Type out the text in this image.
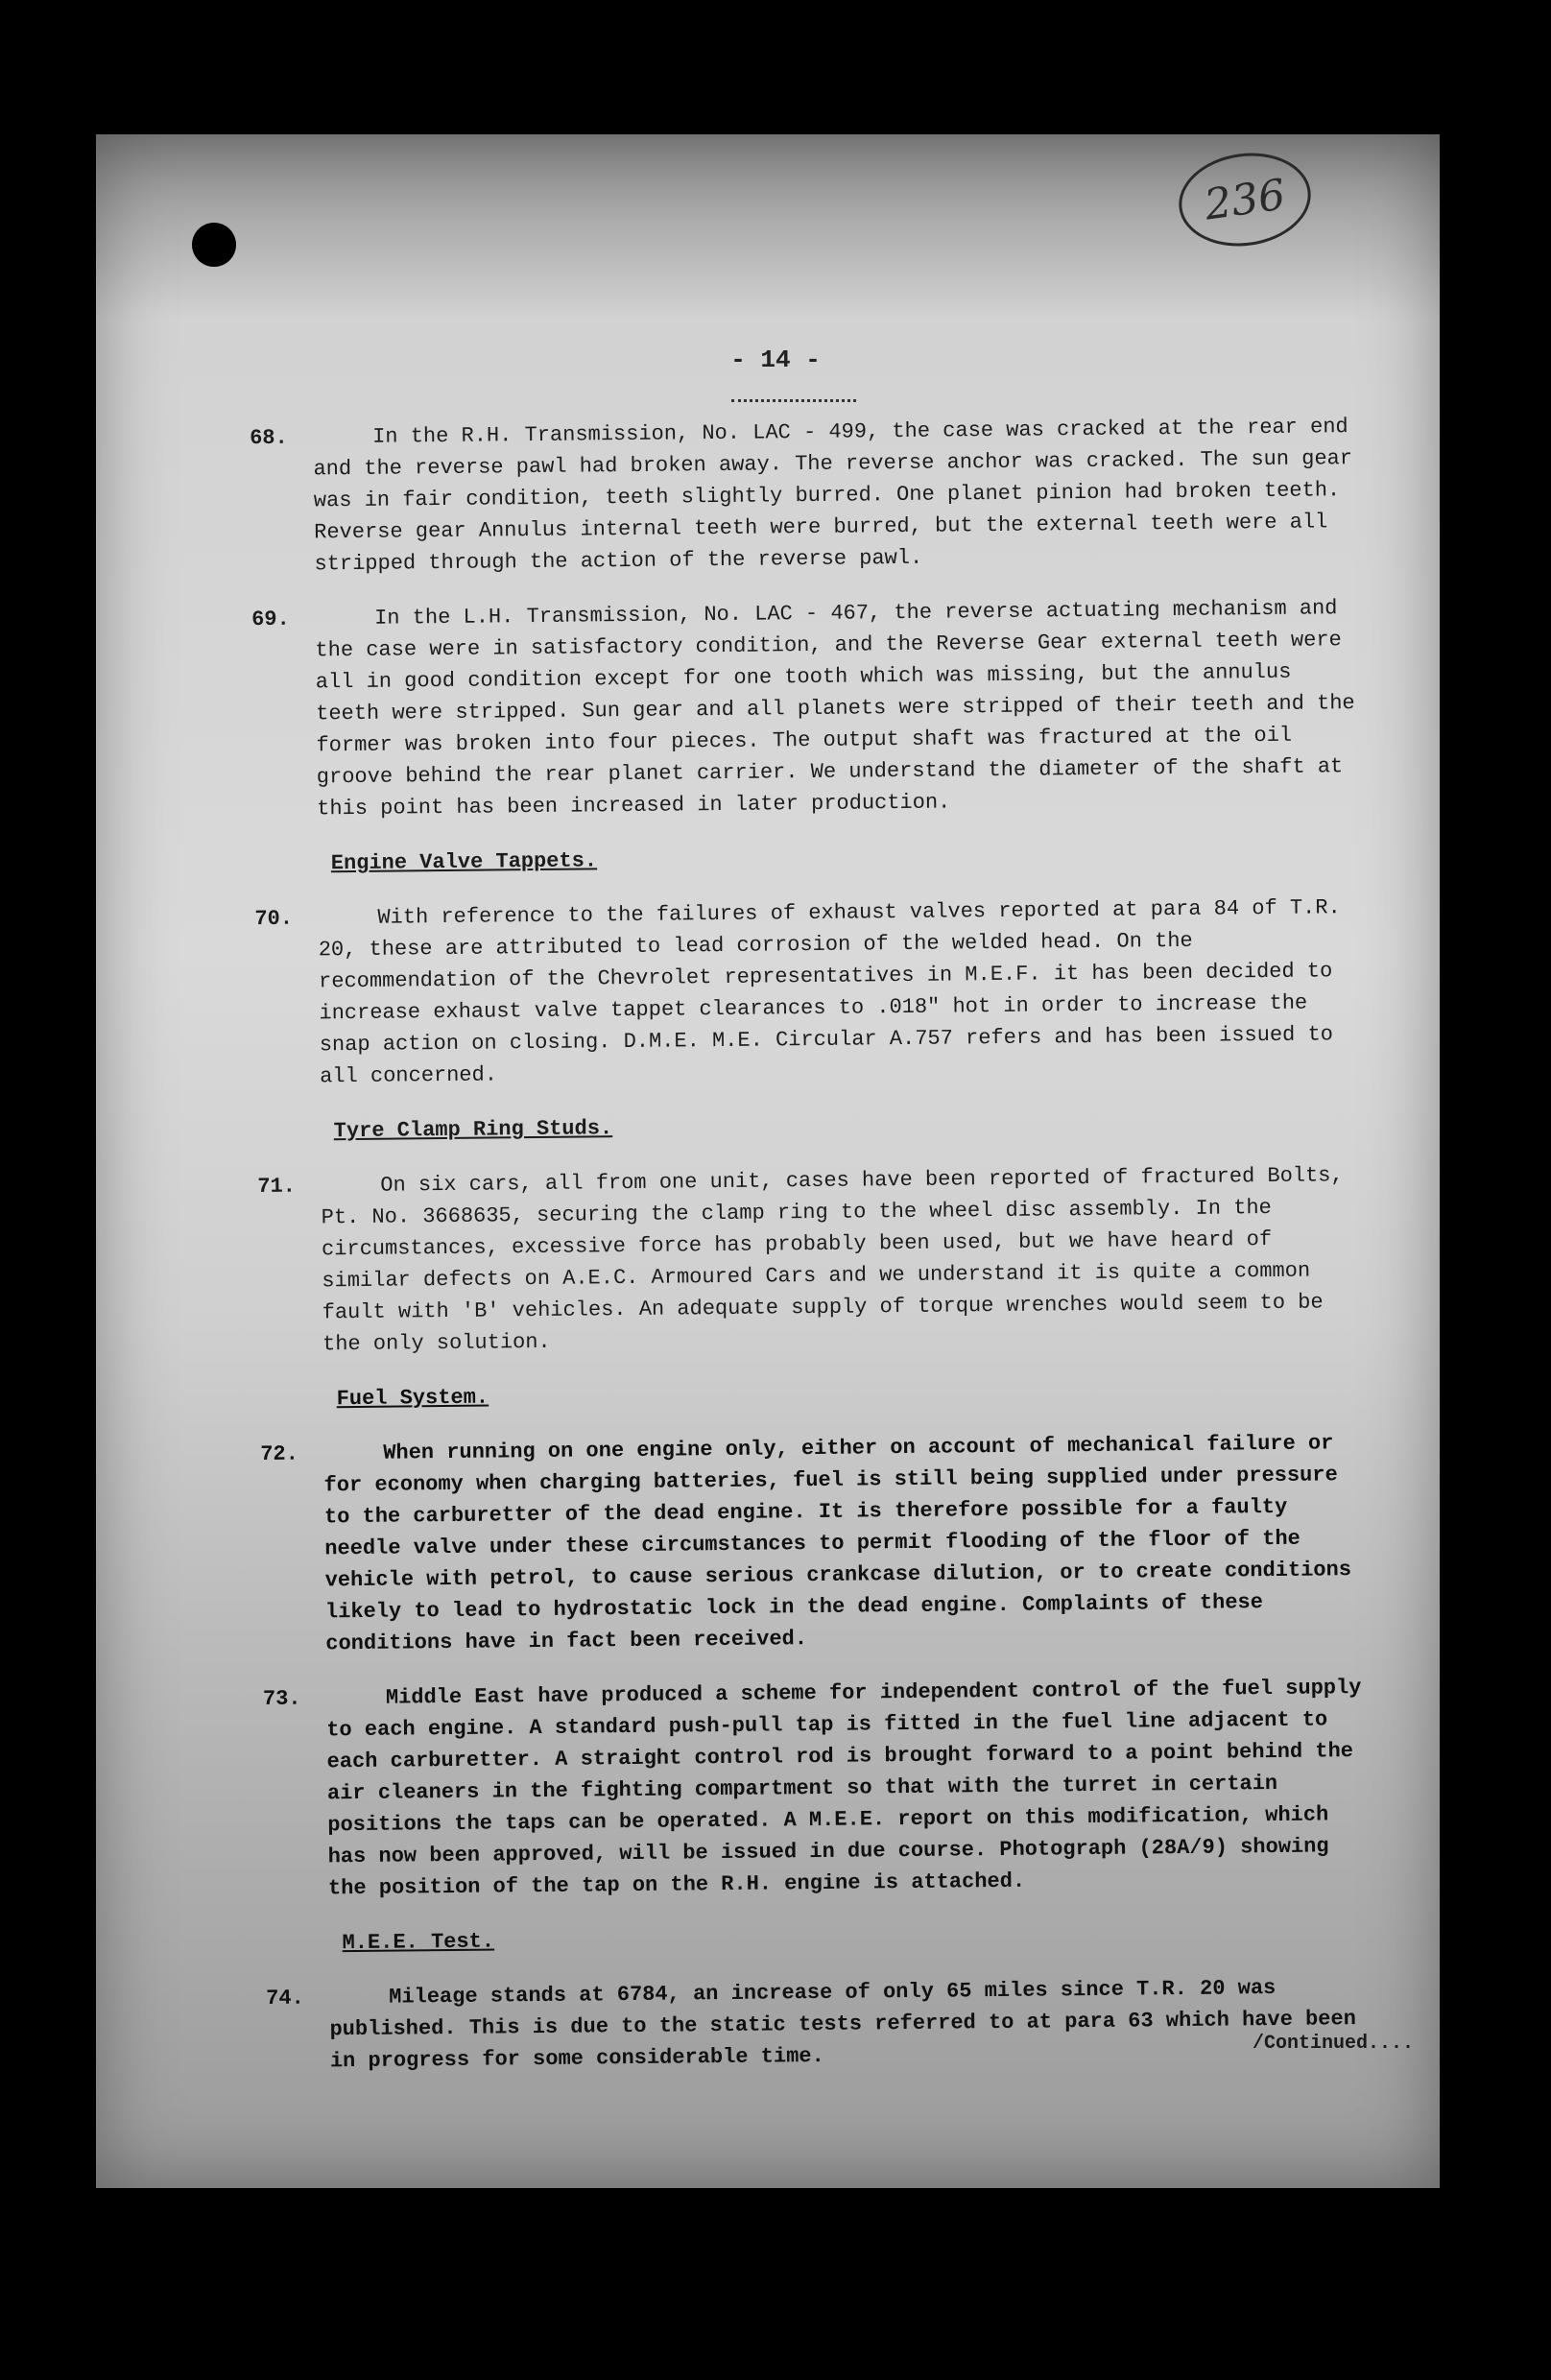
236
- 14 -

68.	In the R.H. Transmission, No. LAC - 499, the case was cracked at the rear end and the reverse pawl had broken away. The reverse anchor was cracked. The sun gear was in fair condition, teeth slightly burred. One planet pinion had broken teeth. Reverse gear Annulus internal teeth were burred, but the external teeth were all stripped through the action of the reverse pawl.

69.	In the L.H. Transmission, No. LAC - 467, the reverse actuating mechanism and the case were in satisfactory condition, and the Reverse Gear external teeth were all in good condition except for one tooth which was missing, but the annulus teeth were stripped. Sun gear and all planets were stripped of their teeth and the former was broken into four pieces. The output shaft was fractured at the oil groove behind the rear planet carrier. We understand the diameter of the shaft at this point has been increased in later production.

Engine Valve Tappets.

70.	With reference to the failures of exhaust valves reported at para 84 of T.R. 20, these are attributed to lead corrosion of the welded head. On the recommendation of the Chevrolet representatives in M.E.F. it has been decided to increase exhaust valve tappet clearances to .018" hot in order to increase the snap action on closing. D.M.E. M.E. Circular A.757 refers and has been issued to all concerned.

Tyre Clamp Ring Studs.

71.	On six cars, all from one unit, cases have been reported of fractured Bolts, Pt. No. 3668635, securing the clamp ring to the wheel disc assembly. In the circumstances, excessive force has probably been used, but we have heard of similar defects on A.E.C. Armoured Cars and we understand it is quite a common fault with 'B' vehicles. An adequate supply of torque wrenches would seem to be the only solution.

Fuel System.

72.	When running on one engine only, either on account of mechanical failure or for economy when charging batteries, fuel is still being supplied under pressure to the carburetter of the dead engine. It is therefore possible for a faulty needle valve under these circumstances to permit flooding of the floor of the vehicle with petrol, to cause serious crankcase dilution, or to create conditions likely to lead to hydrostatic lock in the dead engine. Complaints of these conditions have in fact been received.

73.	Middle East have produced a scheme for independent control of the fuel supply to each engine. A standard push-pull tap is fitted in the fuel line adjacent to each carburetter. A straight control rod is brought forward to a point behind the air cleaners in the fighting compartment so that with the turret in certain positions the taps can be operated. A M.E.E. report on this modification, which has now been approved, will be issued in due course. Photograph (28A/9) showing the position of the tap on the R.H. engine is attached.

M.E.E. Test.

74.	Mileage stands at 6784, an increase of only 65 miles since T.R. 20 was published. This is due to the static tests referred to at para 63 which have been in progress for some considerable time.

/Continued....
